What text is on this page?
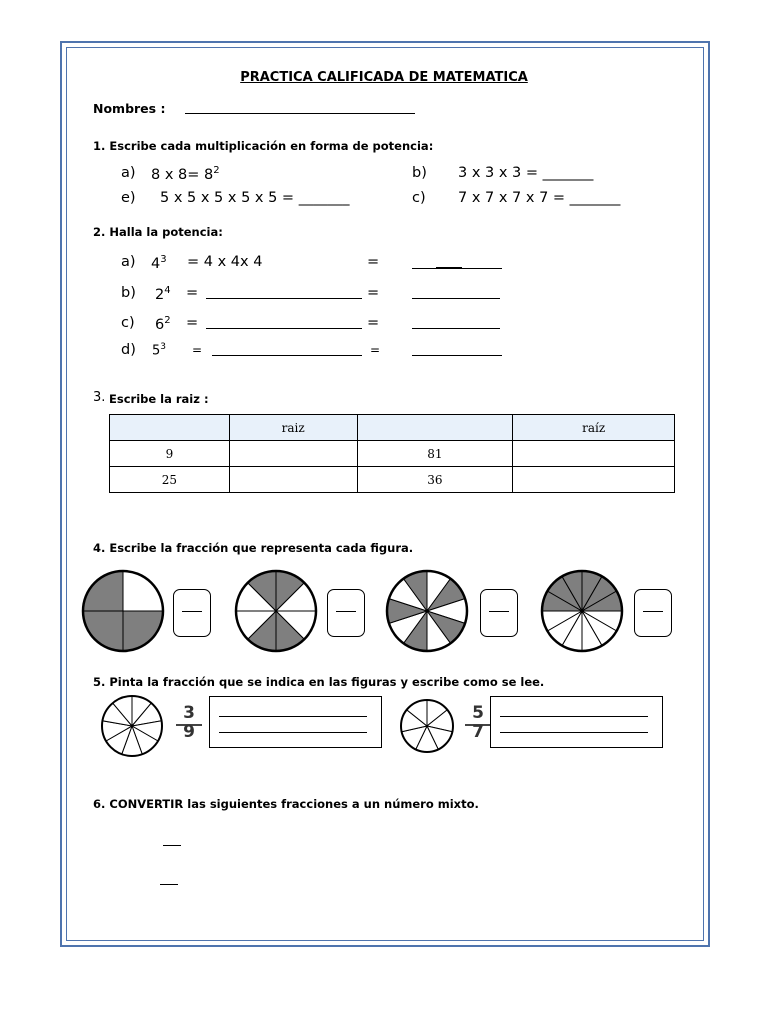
PRACTICA CALIFICADA DE MATEMATICA
Nombres :
1. Escribe cada multiplicación en forma de potencia:
a) 8 x $8= 8^2$	b) 3 x 3 x 3 = _______
e) 5 x 5 x 5 x 5 x 5 = _______	c) 7 x 7 x 7 x 7 = _______
2. Halla la potencia:
a) $4^3 = 4$ x 4x 4	=
b) $2^4$ =	=
c) $6^2$ =	=
d) $5^3$ =	=
3. Escribe la raiz :
	raiz		raíz
9		81	
25		36	
4. Escribe la fracción que representa cada figura.
5. Pinta la fracción que se indica en las figuras y escribe como se lee.
3
9
5
7
6. CONVERTIR las siguientes fracciones a un número mixto.
